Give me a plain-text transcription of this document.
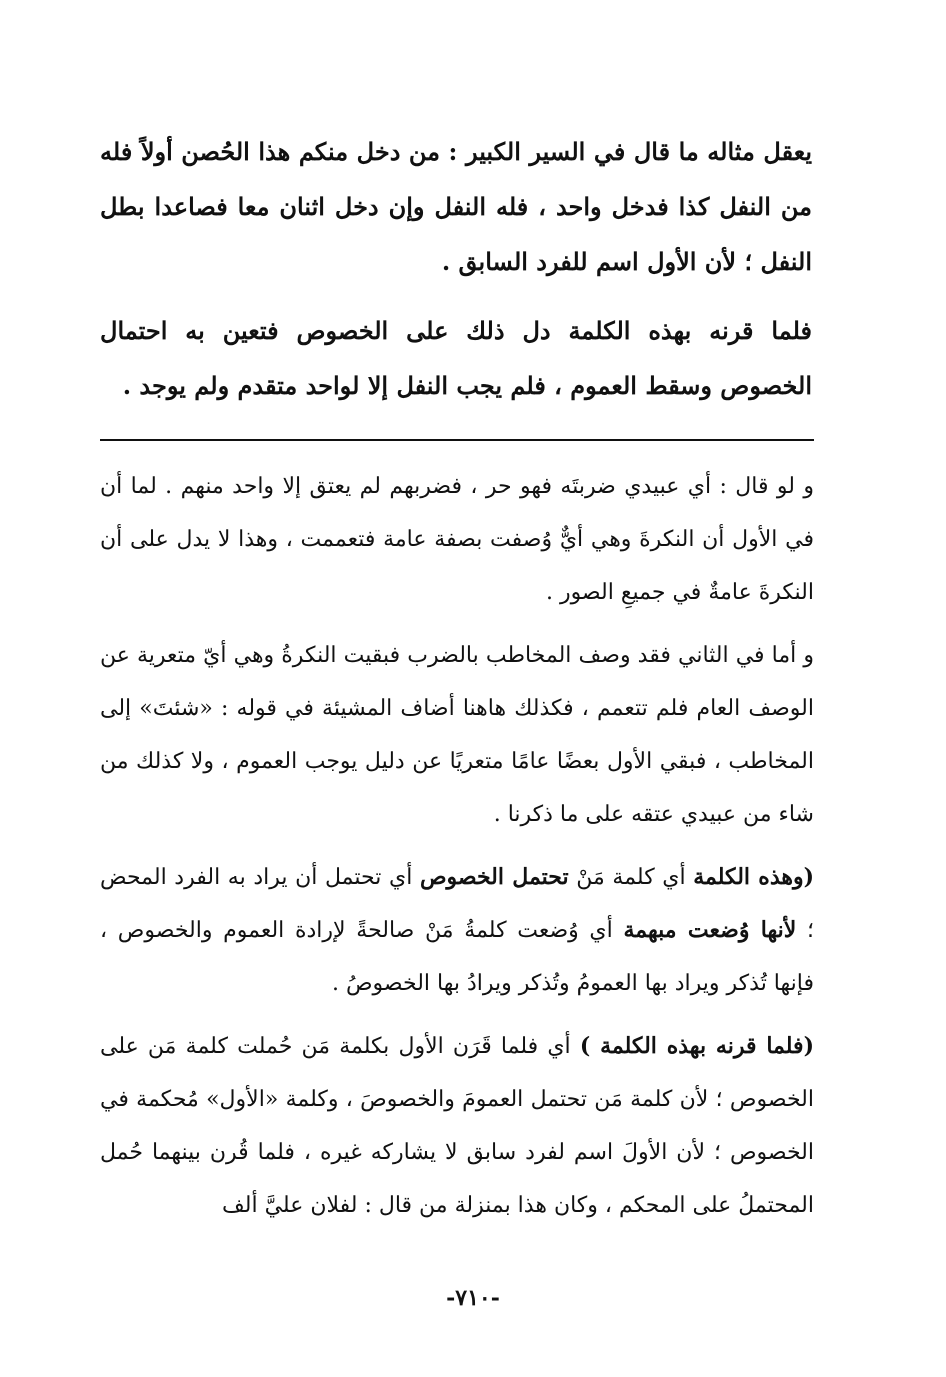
يعقل مثاله ما قال في السير الكبير : من دخل منكم هذا الحُصن أولاً فله من النفل كذا فدخل واحد ، فله النفل وإن دخل اثنان معا فصاعدا بطل النفل ؛ لأن الأول اسم للفرد السابق .

فلما قرنه بهذه الكلمة دل ذلك على الخصوص فتعين به احتمال الخصوص وسقط العموم ، فلم يجب النفل إلا لواحد متقدم ولم يوجد .

و لو قال : أي عبيدي ضربتَه فهو حر ، فضربهم لم يعتق إلا واحد منهم . لما أن في الأول أن النكرةَ وهي أيٌّ وُصفت بصفة عامة فتعممت ، وهذا لا يدل على أن النكرةَ عامةٌ في جميعِ الصور .

و أما في الثاني فقد وصف المخاطب بالضرب فبقيت النكرةُ وهي أيّ متعرية عن الوصف العام فلم تتعمم ، فكذلك هاهنا أضاف المشيئة في قوله : «شئتَ» إلى المخاطب ، فبقي الأول بعضًا عامًا متعريًا عن دليل يوجب العموم ، ولا كذلك من شاء من عبيدي عتقه على ما ذكرنا .

(وهذه الكلمة أي كلمة مَنْ تحتمل الخصوص أي تحتمل أن يراد به الفرد المحض ؛ لأنها وُضعت مبهمة أي وُضعت كلمةُ مَنْ صالحةً لإرادة العموم والخصوص ، فإنها تُذكر ويراد بها العمومُ وتُذكر ويرادُ بها الخصوصُ .

(فلما قرنه بهذه الكلمة ) أي فلما قَرَن الأول بكلمة مَن حُملت كلمة مَن على الخصوص ؛ لأن كلمة مَن تحتمل العمومَ والخصوصَ ، وكلمة «الأول» مُحكمة في الخصوص ؛ لأن الأولَ اسم لفرد سابق لا يشاركه غيره ، فلما قُرن بينهما حُمل المحتملُ على المحكم ، وكان هذا بمنزلة من قال : لفلان عليَّ ألف

-٧١٠-
